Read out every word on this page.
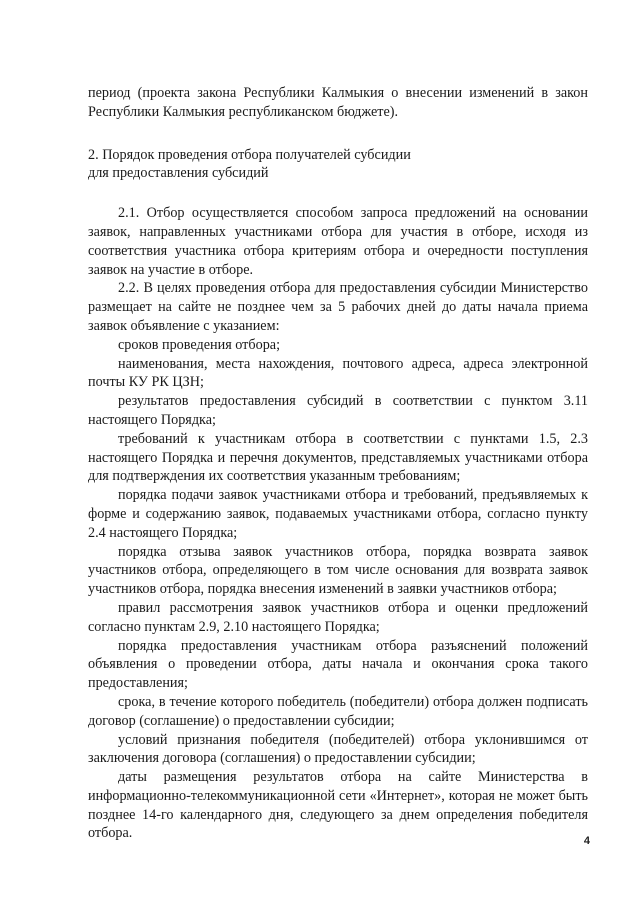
период (проекта закона Республики Калмыкия о внесении изменений в закон Республики Калмыкия республиканском бюджете).

2. Порядок проведения отбора получателей субсидии

для предоставления субсидий

2.1. Отбор осуществляется способом запроса предложений на основании заявок, направленных участниками отбора для участия в отборе, исходя из соответствия участника отбора критериям отбора и очередности поступления заявок на участие в отборе.

2.2. В целях проведения отбора для предоставления субсидии Министерство размещает на сайте не позднее чем за 5 рабочих дней до даты начала приема заявок объявление с указанием:

сроков проведения отбора;

наименования, места нахождения, почтового адреса, адреса электронной почты КУ РК ЦЗН;

результатов предоставления субсидий в соответствии с пунктом 3.11 настоящего Порядка;

требований к участникам отбора в соответствии с пунктами 1.5, 2.3 настоящего Порядка и перечня документов, представляемых участниками отбора для подтверждения их соответствия указанным требованиям;

порядка подачи заявок участниками отбора и требований, предъявляемых к форме и содержанию заявок, подаваемых участниками отбора, согласно пункту 2.4 настоящего Порядка;

порядка отзыва заявок участников отбора, порядка возврата заявок участников отбора, определяющего в том числе основания для возврата заявок участников отбора, порядка внесения изменений в заявки участников отбора;

правил рассмотрения заявок участников отбора и оценки предложений согласно пунктам 2.9, 2.10 настоящего Порядка;

порядка предоставления участникам отбора разъяснений положений объявления о проведении отбора, даты начала и окончания срока такого предоставления;

срока, в течение которого победитель (победители) отбора должен подписать договор (соглашение) о предоставлении субсидии;

условий признания победителя (победителей) отбора уклонившимся от заключения договора (соглашения) о предоставлении субсидии;

даты размещения результатов отбора на сайте Министерства в информационно-телекоммуникационной сети «Интернет», которая не может быть позднее 14-го календарного дня, следующего за днем определения победителя отбора.	4
